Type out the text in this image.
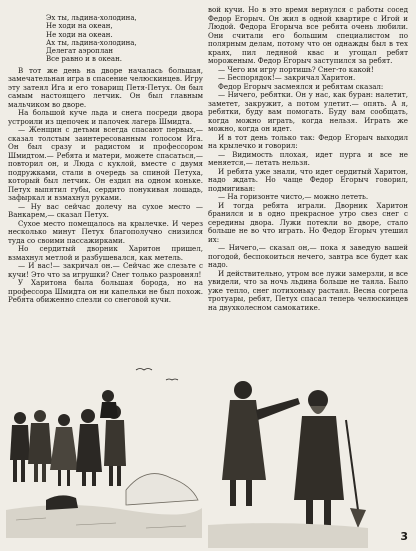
Эх ты, льдина-холодина,
Не ходи на океан,
Не ходи на океан.
Ах ты, льдина-холодина,
Делегат аэроплан
Все равно и в океан.

В тот же день на дворе началась большая, замечательная игра в спасение челюскинцев. Игру эту затеял Ига и его товарищ Петя-Петух. Он был самым настоящего летчик. Он был главным мальчиком во дворе.

На большой куче льда и снега посреди двора устроили из щепочек и палочек лагерь Шмидта.

— Женщин с детьми всегда спасают первых,— сказал толстым заинтересованным голосом Ига. Он был сразу и радистом и профессором Шмидтом.— Ребята и матери, можете спасаться,— повторил он, и Люда с куклой, вместе с двумя подружками, стали в очередь за спиной Петуха, который был летчик. Он ездил на одном коньке. Петух выпятил губы, сердито понукивая лошадь, зафыркал и взмахнул руками.

— Ну вас сейчас долечу на сухое место — Ванкарем,— сказал Петух.

Сухое место помещалось на крылечке. И через несколько минут Петух благополучно снизился туда со своими пассажирками.

Но сердитый дворник Харитон пришел, взмахнул метлой и разбушевался, как метель.

— И вас!— закричал он.— Сейчас же слезьте с кучи! Это что за игрушки? Снег только разровнял!

У Харитона была большая борода, но на профессора Шмидта он ни капельки не был похож. Ребята обиженно слезли со снеговой кучи.

вой кучи. Но в это время вернулся с работы сосед Федор Егорыч. Он жил в одной квартире с Игой и Людой. Федора Егорыча все ребята очень любили. Они считали его большим специалистом по полярным делам, потому что он однажды был в тех краях, пил ледяной квас и угощал ребят мороженым. Федор Егорыч заступился за ребят.

— Чего им игру портишь? Снег-то какой!

— Беспорядок!— закричал Харитон.

Федор Егорыч засмеялся и ребятам сказал:

— Ничего, ребятки. Он у нас, как буран: налетит, заметет, закружит, а потом улетит.— опять. А я, ребятки, буду вам помогать. Буду вам сообщать, когда можно играть, когда нельзя. Играть же можно, когда он идет.

И в тот день только так: Федор Егорыч выходил на крылечко и говорил:

— Видимость плохая, идет пурга и все не меняется,— летать нельзя.

И ребята уже знали, что идет сердитый Харитон, надо ждать. Но чаще Федор Егорыч говорил, подмигивая:

— На горизонте чисто,— можно лететь.

И тогда ребята играли. Дворник Харитон бранился и в одно прекрасное утро свез снег с середины двора. Лужи потекли во дворе, стало больше не во что играть. Но Федор Егорыч утешил их:

— Ничего,— сказал он,— пока я заведую вашей погодой, беспокоиться нечего, завтра все будет как надо.

И действительно, утром все лужи замерзли, и все увидели, что за ночь льдина больше не таяла. Было уже тепло, снег потихоньку растаял. Весна согрела тротуары, ребят, Петух спасал теперь челюскинцев на двухколесном самокатике.

3
